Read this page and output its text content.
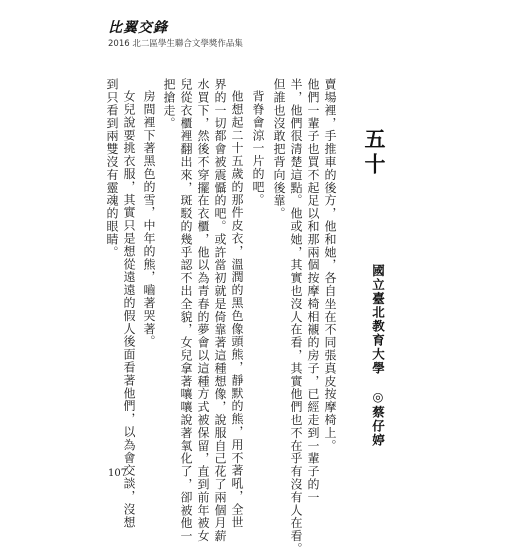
比翼交鋒
2016 北二區學生聯合文學獎作品集
五十
國立臺北教育大學　◎蔡仔婷
賣場裡，手推車的後方，他和她，各自坐在不同張真皮按摩椅上。
他們一輩子也買不起足以和那兩個按摩椅相襯的房子，已經走到一輩子的一
半，他們很清楚這點。他或她，其實也沒人在看，其實他們也不在乎有沒有人在看。
但誰也沒敢把背向後靠。
背脊會涼一片的吧。
他想起二十五歲的那件皮衣，溫潤的黑色像頭熊，靜默的熊，用不著吼，全世
界的一切都會被震懾的吧。或許當初就是倚靠著這種想像，說服自己花了兩個月薪
水買下，然後不穿擺在衣櫃，他以為青春的夢會以這種方式被保留，直到前年被女
兒從衣櫃裡翻出來，斑駁的幾乎認不出全貌，女兒拿著嚷嚷說著氧化了，卻被他一
把搶走。
房間裡下著黑色的雪，中年的熊，嚙著哭著。
女兒說要挑衣服，其實只是想從遠遠的假人後面看著他們，以為會交談，沒想
到只看到兩雙沒有靈魂的眼睛。
107
